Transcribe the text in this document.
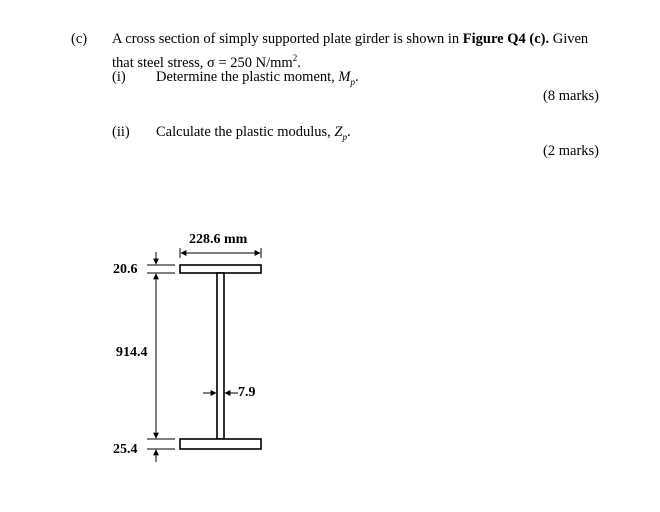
(c) A cross section of simply supported plate girder is shown in Figure Q4 (c). Given
that steel stress, σ = 250 $N/mm^2$.
(i) Determine the plastic moment, $M_p$.
(8 marks)
(ii) Calculate the plastic modulus, $Z_p$.
(2 marks)
228.6 mm
20.6
914.4
7.9
25.4
